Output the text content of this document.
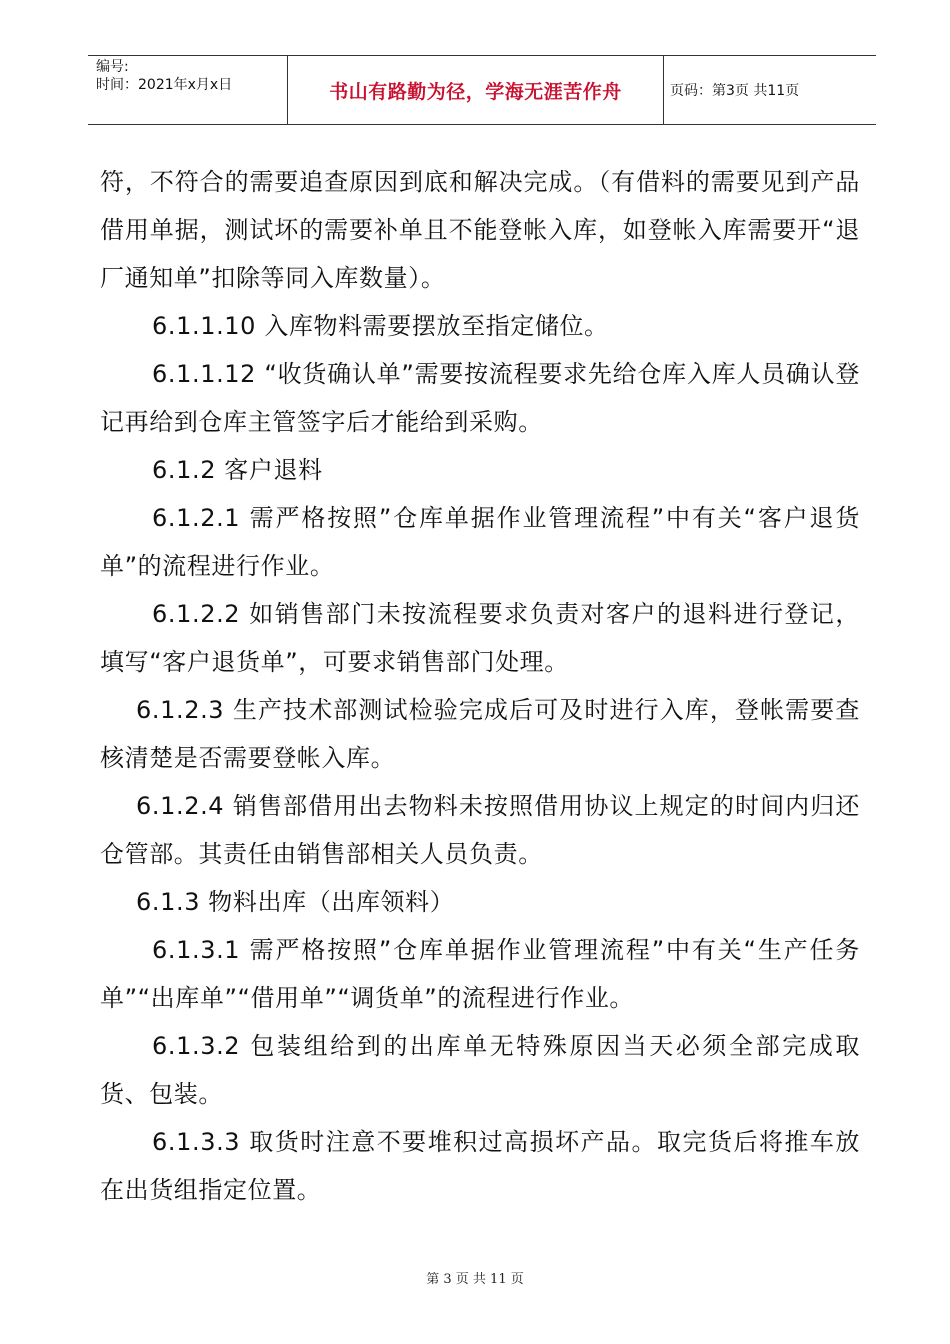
编号:
时间：2021年x月x日	书山有路勤为径，学海无涯苦作舟	页码：第3页 共11页

符，不符合的需要追查原因到底和解决完成。（有借料的需要见到产品借用单据，测试坏的需要补单且不能登帐入库，如登帐入库需要开“退厂通知单”扣除等同入库数量）。

6.1.1.10 入库物料需要摆放至指定储位。

6.1.1.12 “收货确认单”需要按流程要求先给仓库入库人员确认登记再给到仓库主管签字后才能给到采购。

6.1.2 客户退料

6.1.2.1 需严格按照”仓库单据作业管理流程”中有关“客户退货单”的流程进行作业。

6.1.2.2 如销售部门未按流程要求负责对客户的退料进行登记，填写“客户退货单”，可要求销售部门处理。

6.1.2.3 生产技术部测试检验完成后可及时进行入库，登帐需要查核清楚是否需要登帐入库。

6.1.2.4 销售部借用出去物料未按照借用协议上规定的时间内归还仓管部。其责任由销售部相关人员负责。

6.1.3 物料出库（出库领料）

6.1.3.1 需严格按照”仓库单据作业管理流程”中有关“生产任务单”“出库单”“借用单”“调货单”的流程进行作业。

6.1.3.2 包装组给到的出库单无特殊原因当天必须全部完成取货、包装。

6.1.3.3 取货时注意不要堆积过高损坏产品。取完货后将推车放在出货组指定位置。

第 3 页 共 11 页
